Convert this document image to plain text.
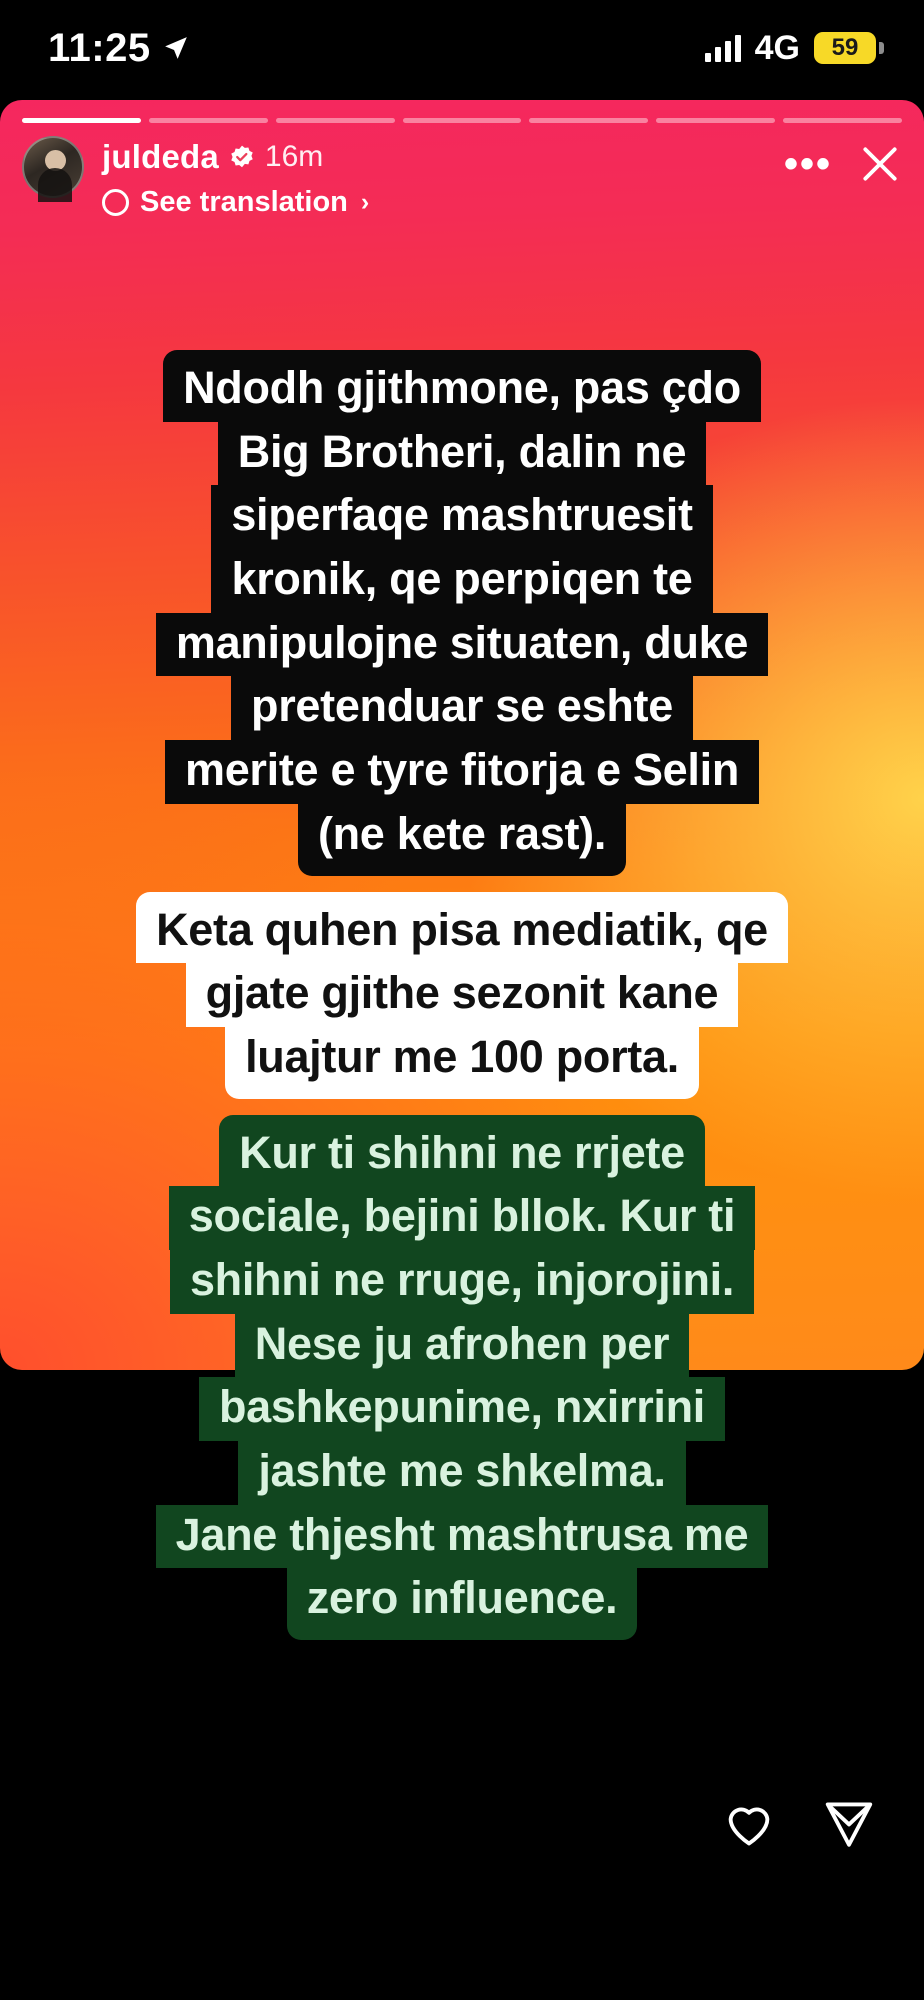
11:25	4G 59
juldeda 16m
See translation ›
•••
Ndodh gjithmone, pas çdo
Big Brotheri, dalin ne
siperfaqe mashtruesit
kronik, qe perpiqen te
manipulojne situaten, duke
pretenduar se eshte
merite e tyre fitorja e Selin
(ne kete rast).
Keta quhen pisa mediatik, qe
gjate gjithe sezonit kane
luajtur me 100 porta.
Kur ti shihni ne rrjete
sociale, bejini bllok. Kur ti
shihni ne rruge, injorojini.
Nese ju afrohen per
bashkepunime, nxirrini
jashte me shkelma.
Jane thjesht mashtrusa me
zero influence.
